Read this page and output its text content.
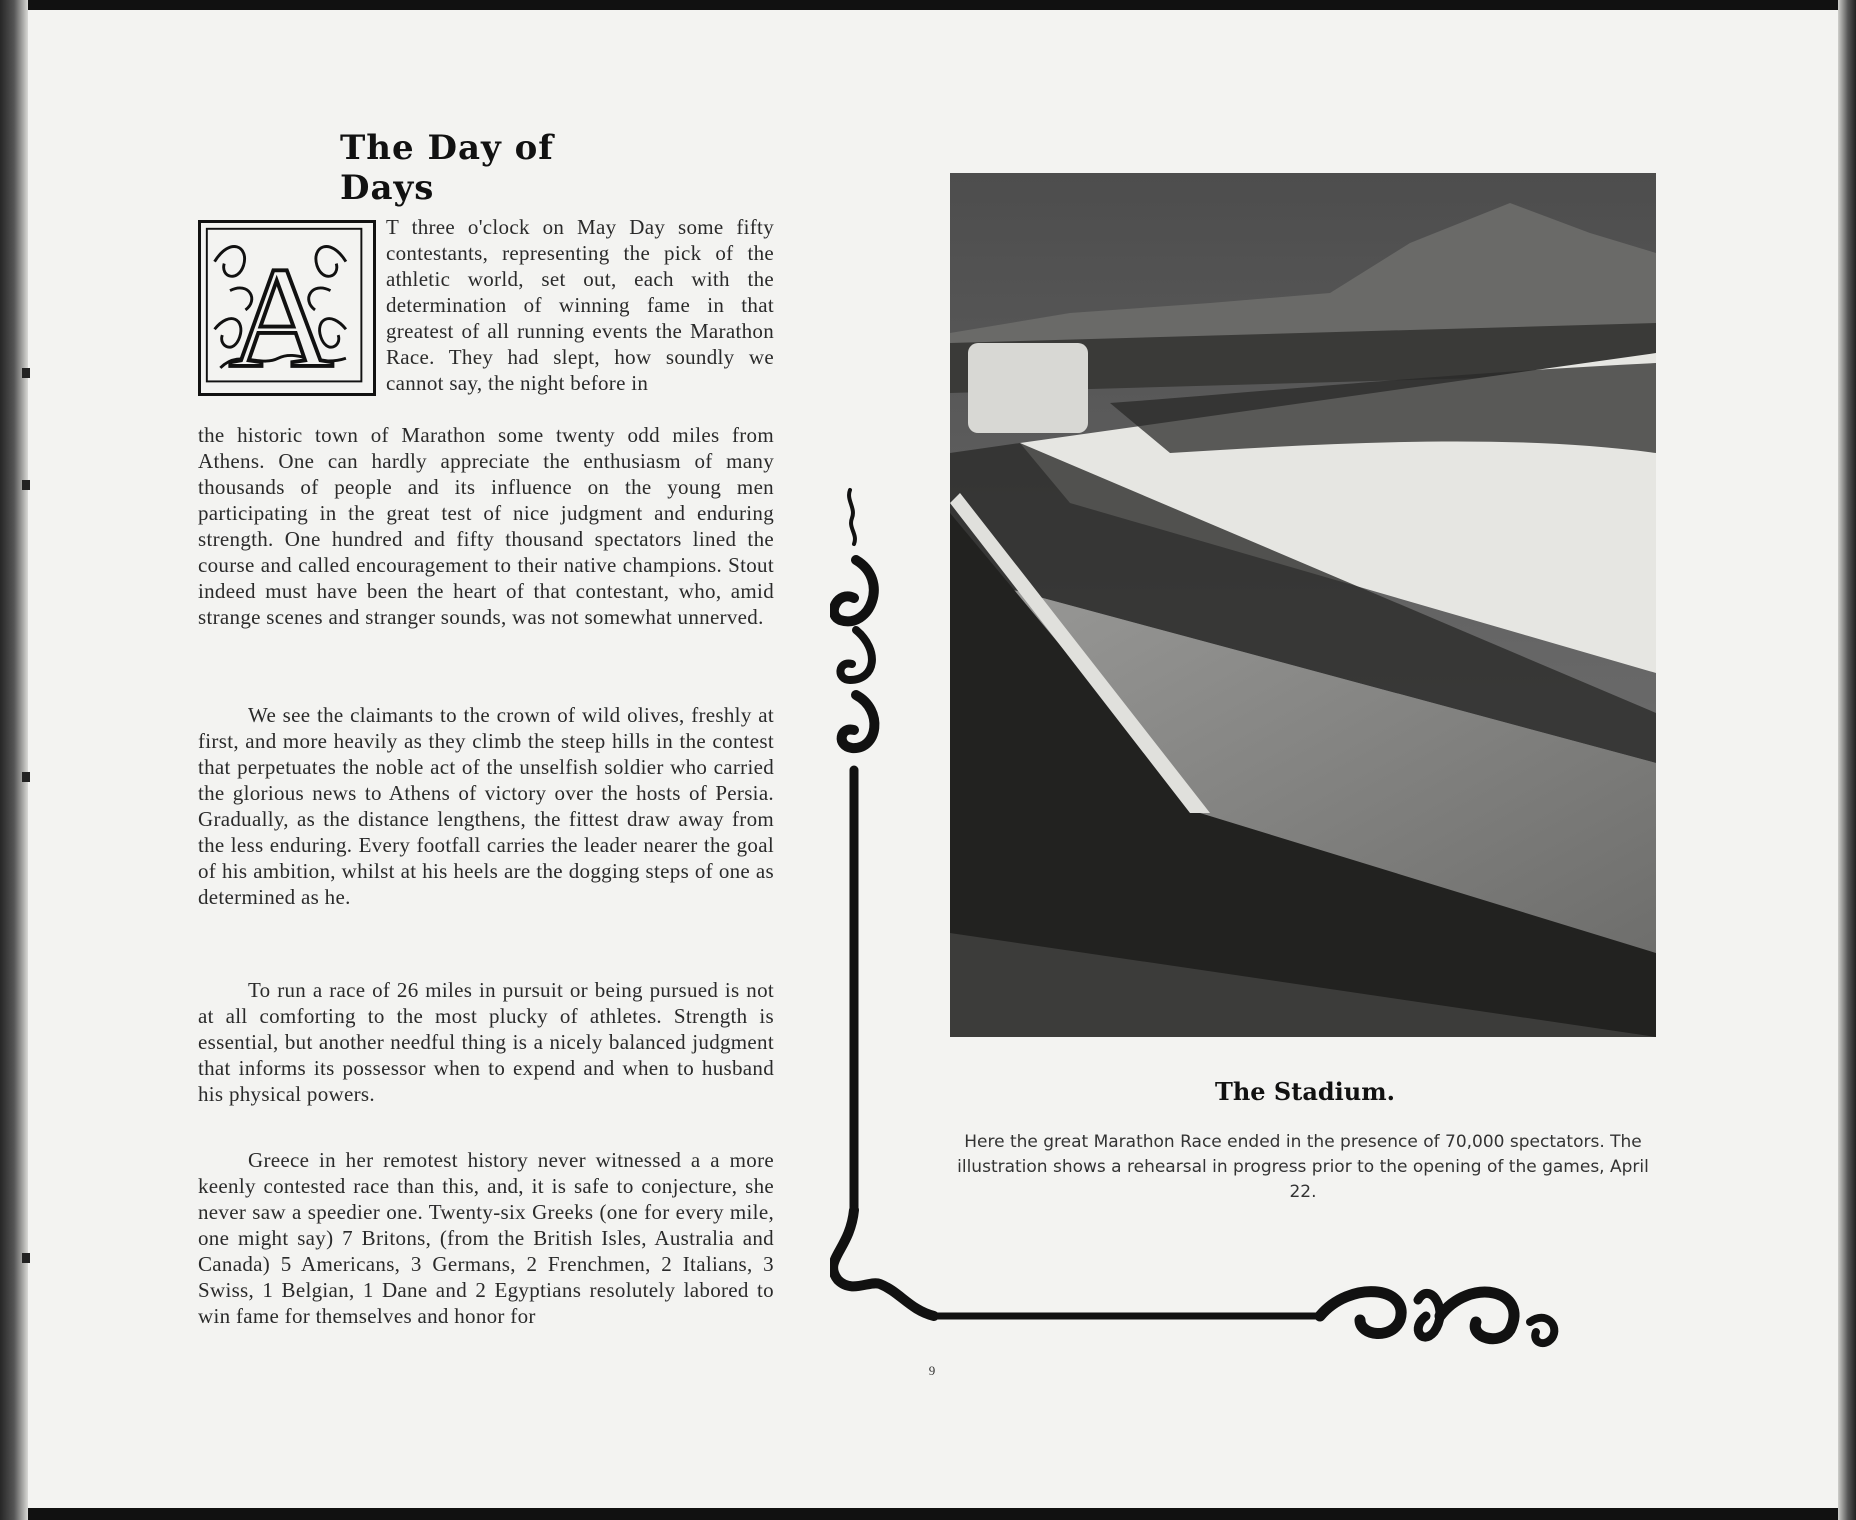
The Day of Days
A

T three o'clock on May Day some fifty contestants, representing the pick of the athletic world, set out, each with the determination of winning fame in that greatest of all running events the Marathon Race. They had slept, how soundly we cannot say, the night before in

the historic town of Marathon some twenty odd miles from Athens. One can hardly appreciate the enthusiasm of many thousands of people and its influence on the young men participating in the great test of nice judgment and enduring strength. One hundred and fifty thousand spectators lined the course and called encouragement to their native champions. Stout indeed must have been the heart of that contestant, who, amid strange scenes and stranger sounds, was not somewhat unnerved.

We see the claimants to the crown of wild olives, freshly at first, and more heavily as they climb the steep hills in the contest that perpetuates the noble act of the unselfish soldier who carried the glorious news to Athens of victory over the hosts of Persia. Gradually, as the distance lengthens, the fittest draw away from the less enduring. Every footfall carries the leader nearer the goal of his ambition, whilst at his heels are the dogging steps of one as determined as he.

To run a race of 26 miles in pursuit or being pursued is not at all comforting to the most plucky of athletes. Strength is essential, but another needful thing is a nicely balanced judgment that informs its possessor when to expend and when to husband his physical powers.

Greece in her remotest history never witnessed a a more keenly contested race than this, and, it is safe to conjecture, she never saw a speedier one. Twenty-six Greeks (one for every mile, one might say) 7 Britons, (from the British Isles, Australia and Canada) 5 Americans, 3 Germans, 2 Frenchmen, 2 Italians, 3 Swiss, 1 Belgian, 1 Dane and 2 Egyptians resolutely labored to win fame for themselves and honor for

The Stadium.

Here the great Marathon Race ended in the presence of 70,000 spectators. The illustration shows a rehearsal in progress prior to the opening of the games, April 22.

9
